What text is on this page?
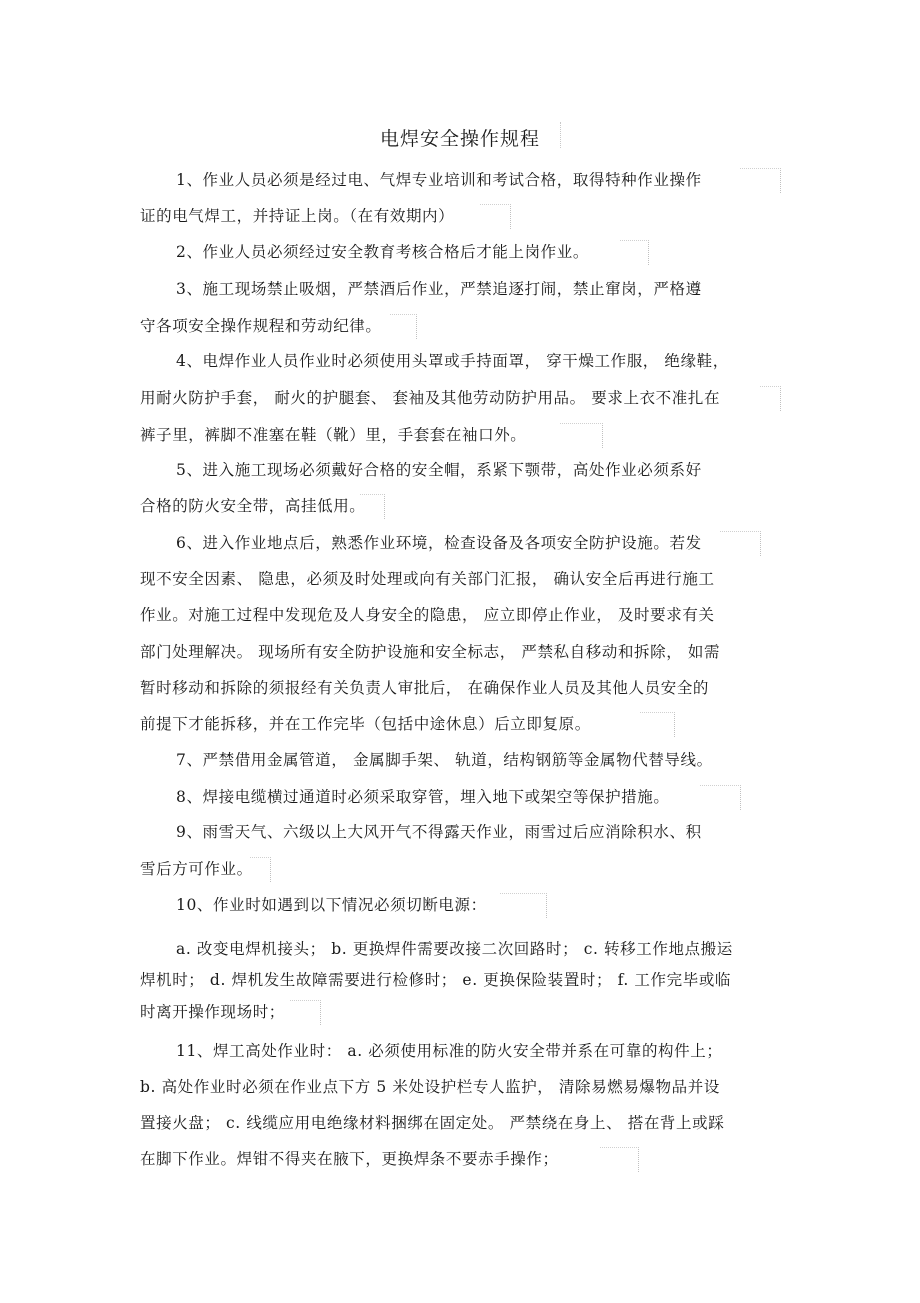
电焊安全操作规程
1、作业人员必须是经过电、气焊专业培训和考试合格，取得特种作业操作
证的电气焊工，并持证上岗。（在有效期内）
2、作业人员必须经过安全教育考核合格后才能上岗作业。
3、施工现场禁止吸烟，严禁酒后作业，严禁追逐打闹，禁止窜岗，严格遵
守各项安全操作规程和劳动纪律。
4、电焊作业人员作业时必须使用头罩或手持面罩， 穿干燥工作服， 绝缘鞋，
用耐火防护手套， 耐火的护腿套、 套袖及其他劳动防护用品。 要求上衣不准扎在
裤子里，裤脚不准塞在鞋（靴）里，手套套在袖口外。
5、进入施工现场必须戴好合格的安全帽，系紧下颚带，高处作业必须系好
合格的防火安全带，高挂低用。
6、进入作业地点后，熟悉作业环境，检查设备及各项安全防护设施。若发
现不安全因素、 隐患，必须及时处理或向有关部门汇报， 确认安全后再进行施工
作业。对施工过程中发现危及人身安全的隐患， 应立即停止作业， 及时要求有关
部门处理解决。 现场所有安全防护设施和安全标志， 严禁私自移动和拆除， 如需
暂时移动和拆除的须报经有关负责人审批后， 在确保作业人员及其他人员安全的
前提下才能拆移，并在工作完毕（包括中途休息）后立即复原。
7、严禁借用金属管道， 金属脚手架、 轨道，结构钢筋等金属物代替导线。
8、焊接电缆横过通道时必须采取穿管，埋入地下或架空等保护措施。
9、雨雪天气、六级以上大风开气不得露天作业，雨雪过后应消除积水、积
雪后方可作业。
10、作业时如遇到以下情况必须切断电源：
a. 改变电焊机接头； b. 更换焊件需要改接二次回路时； c. 转移工作地点搬运
焊机时； d. 焊机发生故障需要进行检修时； e. 更换保险装置时； f. 工作完毕或临
时离开操作现场时；
11、焊工高处作业时： a. 必须使用标准的防火安全带并系在可靠的构件上；
b. 高处作业时必须在作业点下方 5 米处设护栏专人监护， 清除易燃易爆物品并设
置接火盘； c. 线缆应用电绝缘材料捆绑在固定处。 严禁绕在身上、 搭在背上或踩
在脚下作业。焊钳不得夹在腋下，更换焊条不要赤手操作；
